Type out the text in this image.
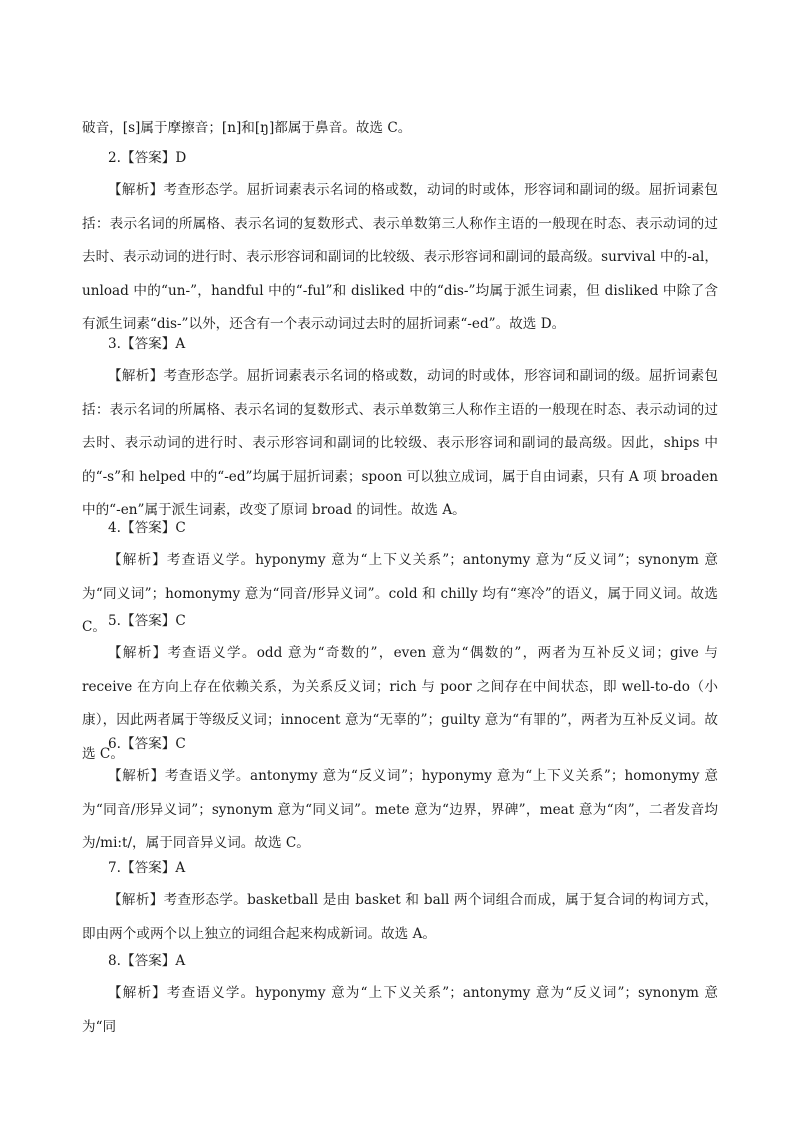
破音，[s]属于摩擦音；[n]和[ŋ]都属于鼻音。故选 C。

2.【答案】D

【解析】考查形态学。屈折词素表示名词的格或数，动词的时或体，形容词和副词的级。屈折词素包括：表示名词的所属格、表示名词的复数形式、表示单数第三人称作主语的一般现在时态、表示动词的过去时、表示动词的进行时、表示形容词和副词的比较级、表示形容词和副词的最高级。survival 中的-al，unload 中的“un-”，handful 中的“-ful”和 disliked 中的“dis-”均属于派生词素，但 disliked 中除了含有派生词素“dis-”以外，还含有一个表示动词过去时的屈折词素“-ed”。故选 D。

3.【答案】A

【解析】考查形态学。屈折词素表示名词的格或数，动词的时或体，形容词和副词的级。屈折词素包括：表示名词的所属格、表示名词的复数形式、表示单数第三人称作主语的一般现在时态、表示动词的过去时、表示动词的进行时、表示形容词和副词的比较级、表示形容词和副词的最高级。因此，ships 中的“-s”和 helped 中的“-ed”均属于屈折词素；spoon 可以独立成词，属于自由词素，只有 A 项 broaden 中的“-en”属于派生词素，改变了原词 broad 的词性。故选 A。

4.【答案】C

【解析】考查语义学。hyponymy 意为“上下义关系”；antonymy 意为“反义词”；synonym 意为“同义词”；homonymy 意为“同音/形异义词”。cold 和 chilly 均有“寒冷”的语义，属于同义词。故选 C。 5.【答案】C

【解析】考查语义学。odd 意为“奇数的”，even 意为“偶数的”，两者为互补反义词；give 与 receive 在方向上存在依赖关系，为关系反义词；rich 与 poor 之间存在中间状态，即 well-to-do（小康），因此两者属于等级反义词；innocent 意为“无辜的”；guilty 意为“有罪的”，两者为互补反义词。故选 C。

6.【答案】C

【解析】考查语义学。antonymy 意为“反义词”；hyponymy 意为“上下义关系”；homonymy 意为“同音/形异义词”；synonym 意为“同义词”。mete 意为“边界，界碑”，meat 意为“肉”，二者发音均为/mi:t/，属于同音异义词。故选 C。

7.【答案】A

【解析】考查形态学。basketball 是由 basket 和 ball 两个词组合而成，属于复合词的构词方式，即由两个或两个以上独立的词组合起来构成新词。故选 A。

8.【答案】A

【解析】考查语义学。hyponymy 意为“上下义关系”；antonymy 意为“反义词”；synonym 意为“同
